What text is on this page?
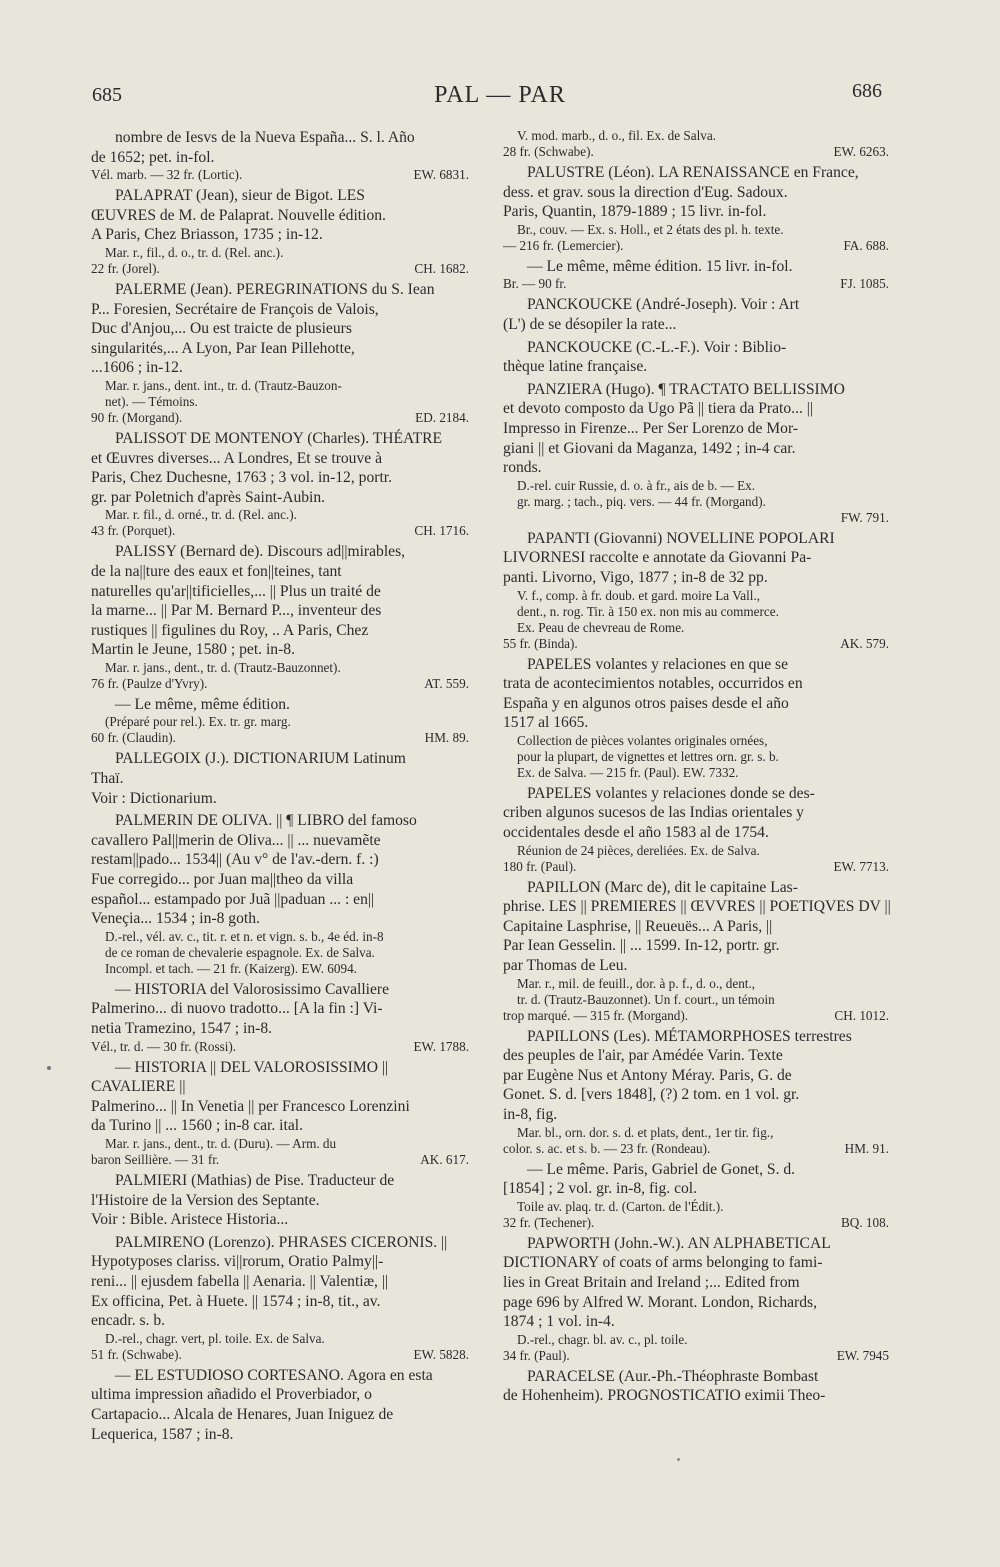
685	PAL — PAR	686

nombre de Iesvs de la Nueva España... S. l. Año

de 1652; pet. in-fol.

Vél. marb. — 32 fr. (Lortic).	EW. 6831.

PALAPRAT (Jean), sieur de Bigot. LES

ŒUVRES de M. de Palaprat. Nouvelle édition.

A Paris, Chez Briasson, 1735 ; in-12.

Mar. r., fil., d. o., tr. d. (Rel. anc.).

22 fr. (Jorel).	CH. 1682.

PALERME (Jean). PEREGRINATIONS du S. Iean

P... Foresien, Secrétaire de François de Valois,

Duc d'Anjou,... Ou est traicte de plusieurs

singularités,... A Lyon, Par Iean Pillehotte,

...1606 ; in-12.

Mar. r. jans., dent. int., tr. d. (Trautz-Bauzon-

net). — Témoins.

90 fr. (Morgand).	ED. 2184.

PALISSOT DE MONTENOY (Charles). THÉATRE

et Œuvres diverses... A Londres, Et se trouve à

Paris, Chez Duchesne, 1763 ; 3 vol. in-12, portr.

gr. par Poletnich d'après Saint-Aubin.

Mar. r. fil., d. orné., tr. d. (Rel. anc.).

43 fr. (Porquet).	CH. 1716.

PALISSY (Bernard de). Discours ad||mirables,

de la na||ture des eaux et fon||teines, tant

naturelles qu'ar||tificielles,... || Plus un traité de

la marne... || Par M. Bernard P..., inventeur des

rustiques || figulines du Roy, .. A Paris, Chez

Martin le Jeune, 1580 ; pet. in-8.

Mar. r. jans., dent., tr. d. (Trautz-Bauzonnet).

76 fr. (Paulze d'Yvry).	AT. 559.

— Le même, même édition.

(Préparé pour rel.). Ex. tr. gr. marg.

60 fr. (Claudin).	HM. 89.

PALLEGOIX (J.). DICTIONARIUM Latinum

Thaï.

Voir : Dictionarium.

PALMERIN DE OLIVA. || ¶ LIBRO del famoso

cavallero Pal||merin de Oliva... || ... nuevamẽte

restam||pado... 1534|| (Au v° de l'av.-dern. f. :)

Fue corregido... por Juan ma||theo da villa

español... estampado por Juã ||paduan ... : en||

Veneçia... 1534 ; in-8 goth.

D.-rel., vél. av. c., tit. r. et n. et vign. s. b., 4e éd. in-8

de ce roman de chevalerie espagnole. Ex. de Salva.

Incompl. et tach. — 21 fr. (Kaizerg). EW. 6094.

— HISTORIA del Valorosissimo Cavalliere

Palmerino... di nuovo tradotto... [A la fin :] Vi-

netia Tramezino, 1547 ; in-8.

Vél., tr. d. — 30 fr. (Rossi).	EW. 1788.

— HISTORIA || DEL VALOROSISSIMO || CAVALIERE ||

Palmerino... || In Venetia || per Francesco Lorenzini

da Turino || ... 1560 ; in-8 car. ital.

Mar. r. jans., dent., tr. d. (Duru). — Arm. du

baron Seillière. — 31 fr.	AK. 617.

PALMIERI (Mathias) de Pise. Traducteur de

l'Histoire de la Version des Septante.

Voir : Bible. Aristece Historia...

PALMIRENO (Lorenzo). PHRASES CICERONIS. ||

Hypotyposes clariss. vi||rorum, Oratio Palmy||-

reni... || ejusdem fabella || Aenaria. || Valentiæ, ||

Ex officina, Pet. à Huete. || 1574 ; in-8, tit., av.

encadr. s. b.

D.-rel., chagr. vert, pl. toile. Ex. de Salva.

51 fr. (Schwabe).	EW. 5828.

— EL ESTUDIOSO CORTESANO. Agora en esta

ultima impression añadido el Proverbiador, o

Cartapacio... Alcala de Henares, Juan Iniguez de

Lequerica, 1587 ; in-8.

V. mod. marb., d. o., fil. Ex. de Salva.

28 fr. (Schwabe).	EW. 6263.

PALUSTRE (Léon). LA RENAISSANCE en France,

dess. et grav. sous la direction d'Eug. Sadoux.

Paris, Quantin, 1879-1889 ; 15 livr. in-fol.

Br., couv. — Ex. s. Holl., et 2 états des pl. h. texte.

— 216 fr. (Lemercier).	FA. 688.

— Le même, même édition. 15 livr. in-fol.

Br. — 90 fr.	FJ. 1085.

PANCKOUCKE (André-Joseph). Voir : Art

(L') de se désopiler la rate...

PANCKOUCKE (C.-L.-F.). Voir : Biblio-

thèque latine française.

PANZIERA (Hugo). ¶ TRACTATO BELLISSIMO

et devoto composto da Ugo Pã || tiera da Prato... ||

Impresso in Firenze... Per Ser Lorenzo de Mor-

giani || et Giovani da Maganza, 1492 ; in-4 car.

ronds.

D.-rel. cuir Russie, d. o. à fr., ais de b. — Ex.

gr. marg. ; tach., piq. vers. — 44 fr. (Morgand).

FW. 791.

PAPANTI (Giovanni) NOVELLINE POPOLARI

LIVORNESI raccolte e annotate da Giovanni Pa-

panti. Livorno, Vigo, 1877 ; in-8 de 32 pp.

V. f., comp. à fr. doub. et gard. moire La Vall.,

dent., n. rog. Tir. à 150 ex. non mis au commerce.

Ex. Peau de chevreau de Rome.

55 fr. (Binda).	AK. 579.

PAPELES volantes y relaciones en que se

trata de acontecimientos notables, occurridos en

España y en algunos otros paises desde el año

1517 al 1665.

Collection de pièces volantes originales ornées,

pour la plupart, de vignettes et lettres orn. gr. s. b.

Ex. de Salva. — 215 fr. (Paul). EW. 7332.

PAPELES volantes y relaciones donde se des-

criben algunos sucesos de las Indias orientales y

occidentales desde el año 1583 al de 1754.

Réunion de 24 pièces, dereliées. Ex. de Salva.

180 fr. (Paul).	EW. 7713.

PAPILLON (Marc de), dit le capitaine Las-

phrise. LES || PREMIERES || ŒVVRES || POETIQVES DV ||

Capitaine Lasphrise, || Reueuës... A Paris, ||

Par Iean Gesselin. || ... 1599. In-12, portr. gr.

par Thomas de Leu.

Mar. r., mil. de feuill., dor. à p. f., d. o., dent.,

tr. d. (Trautz-Bauzonnet). Un f. court., un témoin

trop marqué. — 315 fr. (Morgand).	CH. 1012.

PAPILLONS (Les). MÉTAMORPHOSES terrestres

des peuples de l'air, par Amédée Varin. Texte

par Eugène Nus et Antony Méray. Paris, G. de

Gonet. S. d. [vers 1848], (?) 2 tom. en 1 vol. gr.

in-8, fig.

Mar. bl., orn. dor. s. d. et plats, dent., 1er tir. fig.,

color. s. ac. et s. b. — 23 fr. (Rondeau).	HM. 91.

— Le même. Paris, Gabriel de Gonet, S. d.

[1854] ; 2 vol. gr. in-8, fig. col.

Toile av. plaq. tr. d. (Carton. de l'Édit.).

32 fr. (Techener).	BQ. 108.

PAPWORTH (John.-W.). AN ALPHABETICAL

DICTIONARY of coats of arms belonging to fami-

lies in Great Britain and Ireland ;... Edited from

page 696 by Alfred W. Morant. London, Richards,

1874 ; 1 vol. in-4.

D.-rel., chagr. bl. av. c., pl. toile.

34 fr. (Paul).	EW. 7945

PARACELSE (Aur.-Ph.-Théophraste Bombast

de Hohenheim). PROGNOSTICATIO eximii Theo-
